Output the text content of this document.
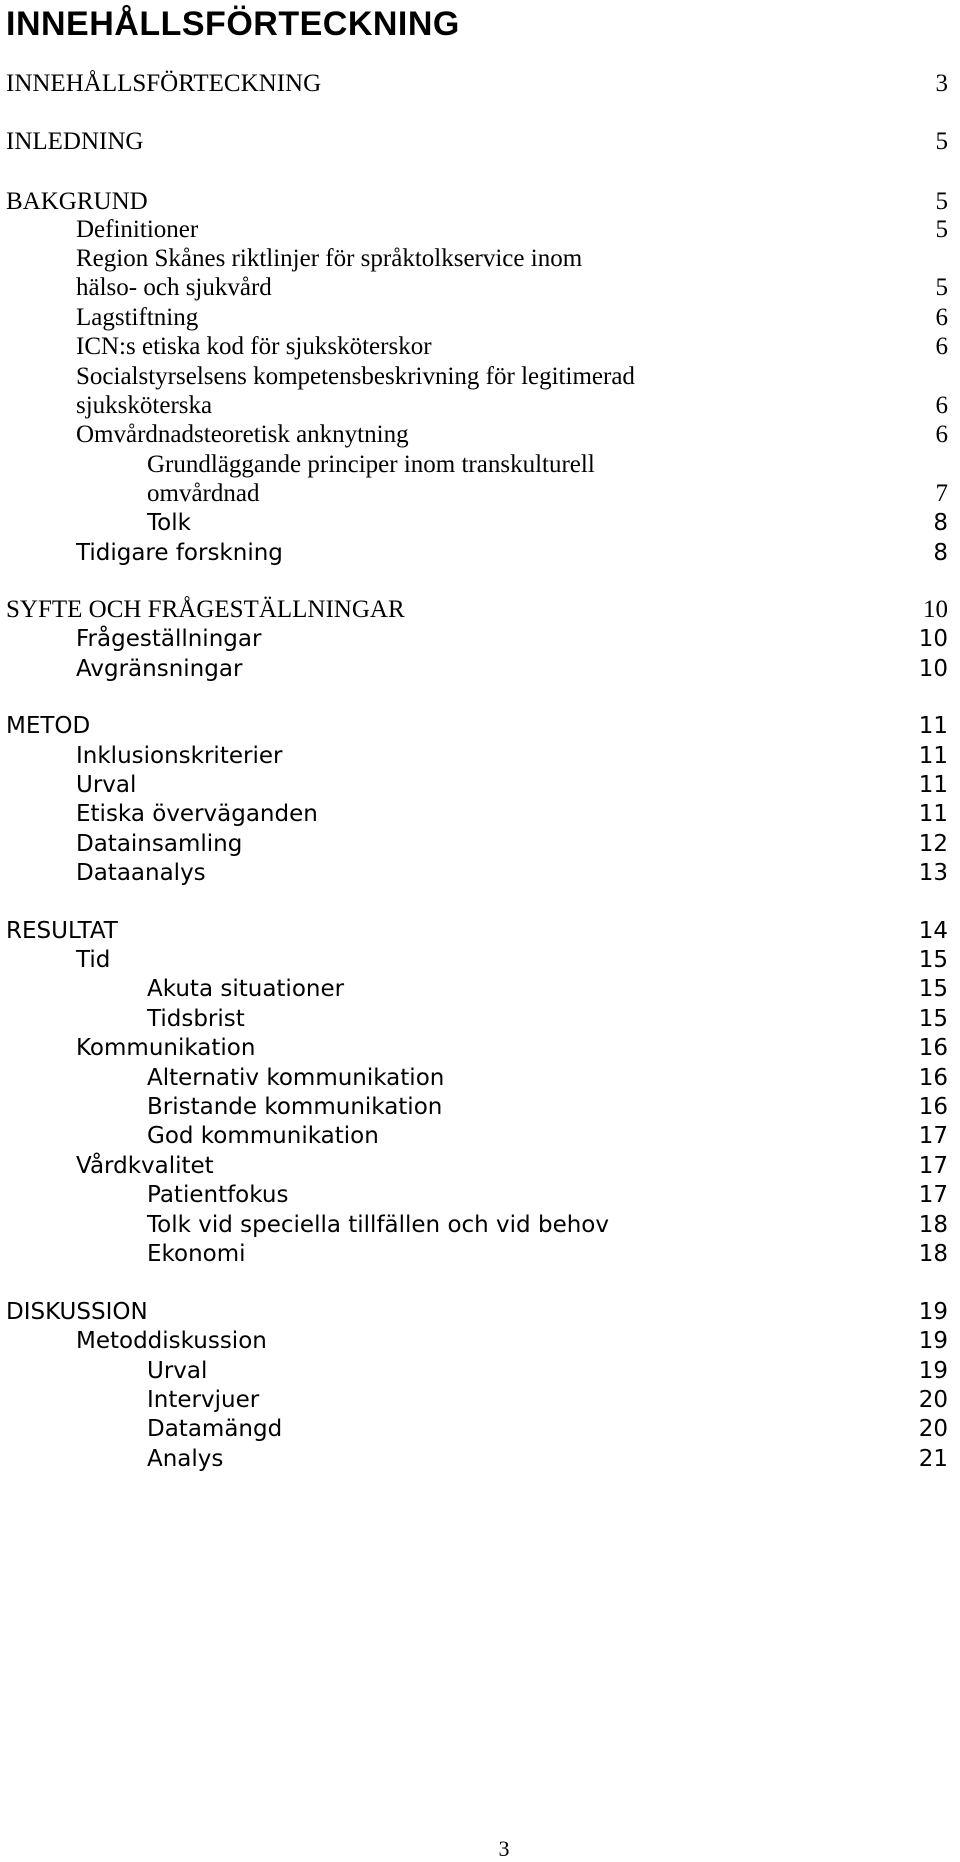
INNEHÅLLSFÖRTECKNING
INNEHÅLLSFÖRTECKNING	3
INLEDNING	5
BAKGRUND	5
Definitioner	5
Region Skånes riktlinjer för språktolkservice inom
hälso- och sjukvård	5
Lagstiftning	6
ICN:s etiska kod för sjuksköterskor	6
Socialstyrselsens kompetensbeskrivning för legitimerad
sjuksköterska	6
Omvårdnadsteoretisk anknytning	6
Grundläggande principer inom transkulturell
omvårdnad	7
Tolk	8
Tidigare forskning	8
SYFTE OCH FRÅGESTÄLLNINGAR	10
Frågeställningar	10
Avgränsningar	10
METOD	11
Inklusionskriterier	11
Urval	11
Etiska överväganden	11
Datainsamling	12
Dataanalys	13
RESULTAT	14
Tid	15
Akuta situationer	15
Tidsbrist	15
Kommunikation	16
Alternativ kommunikation	16
Bristande kommunikation	16
God kommunikation	17
Vårdkvalitet	17
Patientfokus	17
Tolk vid speciella tillfällen och vid behov	18
Ekonomi	18
DISKUSSION	19
Metoddiskussion	19
Urval	19
Intervjuer	20
Datamängd	20
Analys	21
3
